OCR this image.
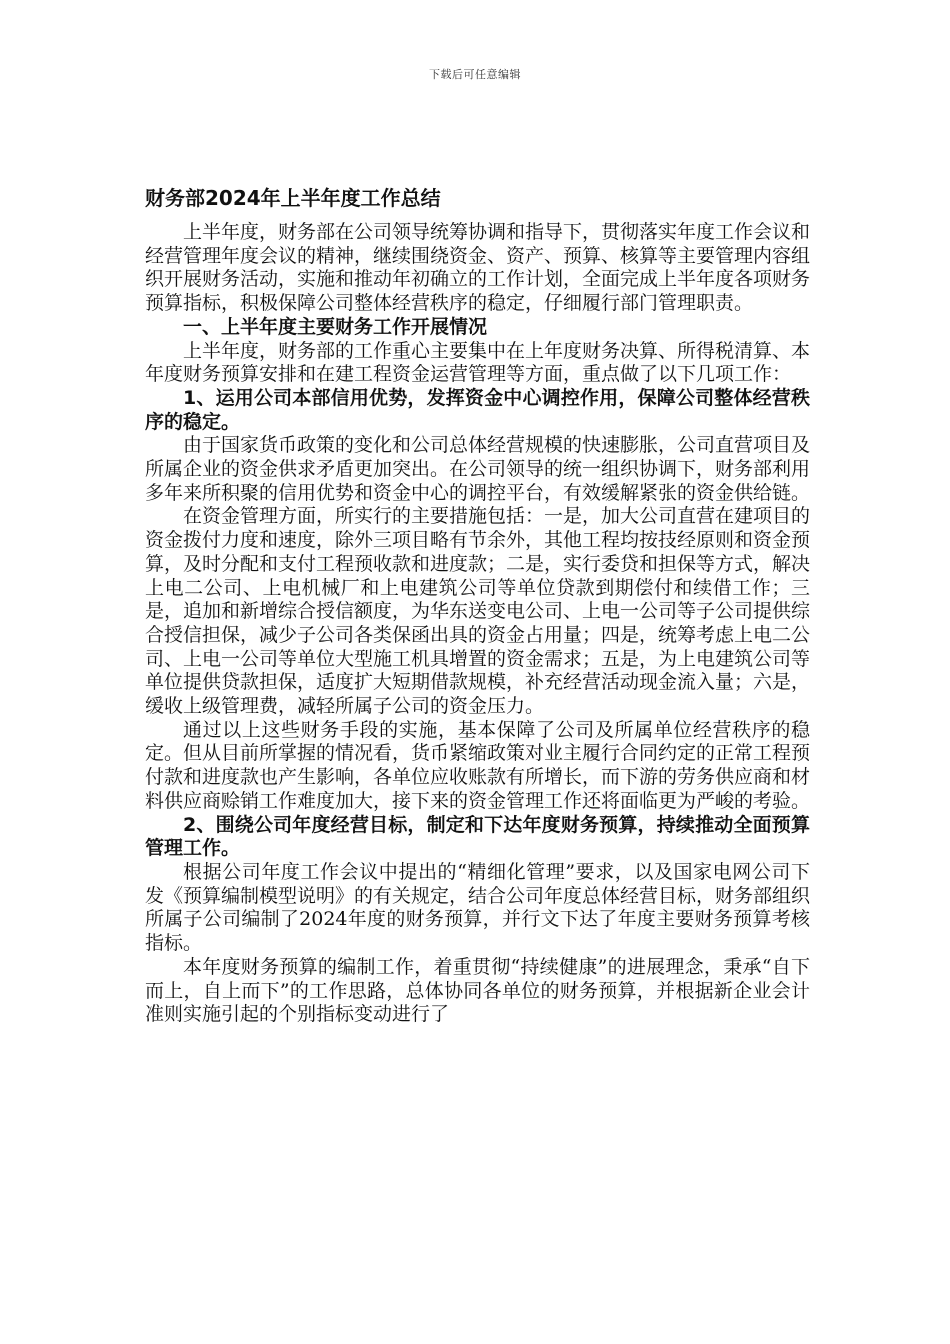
下载后可任意编辑
财务部2024年上半年度工作总结

上半年度，财务部在公司领导统筹协调和指导下，贯彻落实年度工作会议和经营管理年度会议的精神，继续围绕资金、资产、预算、核算等主要管理内容组织开展财务活动，实施和推动年初确立的工作计划，全面完成上半年度各项财务预算指标，积极保障公司整体经营秩序的稳定，仔细履行部门管理职责。

一、上半年度主要财务工作开展情况

上半年度，财务部的工作重心主要集中在上年度财务决算、所得税清算、本年度财务预算安排和在建工程资金运营管理等方面，重点做了以下几项工作：

1、运用公司本部信用优势，发挥资金中心调控作用，保障公司整体经营秩序的稳定。

由于国家货币政策的变化和公司总体经营规模的快速膨胀，公司直营项目及所属企业的资金供求矛盾更加突出。在公司领导的统一组织协调下，财务部利用多年来所积聚的信用优势和资金中心的调控平台，有效缓解紧张的资金供给链。

在资金管理方面，所实行的主要措施包括：一是，加大公司直营在建项目的资金拨付力度和速度，除外三项目略有节余外，其他工程均按技经原则和资金预算，及时分配和支付工程预收款和进度款；二是，实行委贷和担保等方式，解决上电二公司、上电机械厂和上电建筑公司等单位贷款到期偿付和续借工作；三是，追加和新增综合授信额度，为华东送变电公司、上电一公司等子公司提供综合授信担保，减少子公司各类保函出具的资金占用量；四是，统筹考虑上电二公司、上电一公司等单位大型施工机具增置的资金需求；五是，为上电建筑公司等单位提供贷款担保，适度扩大短期借款规模，补充经营活动现金流入量；六是，缓收上级管理费，减轻所属子公司的资金压力。

通过以上这些财务手段的实施，基本保障了公司及所属单位经营秩序的稳定。但从目前所掌握的情况看，货币紧缩政策对业主履行合同约定的正常工程预付款和进度款也产生影响，各单位应收账款有所增长，而下游的劳务供应商和材料供应商赊销工作难度加大，接下来的资金管理工作还将面临更为严峻的考验。

2、围绕公司年度经营目标，制定和下达年度财务预算，持续推动全面预算管理工作。

根据公司年度工作会议中提出的“精细化管理”要求，以及国家电网公司下发《预算编制模型说明》的有关规定，结合公司年度总体经营目标，财务部组织所属子公司编制了2024年度的财务预算，并行文下达了年度主要财务预算考核指标。

本年度财务预算的编制工作，着重贯彻“持续健康”的进展理念，秉承“自下而上，自上而下”的工作思路，总体协同各单位的财务预算，并根据新企业会计准则实施引起的个别指标变动进行了
